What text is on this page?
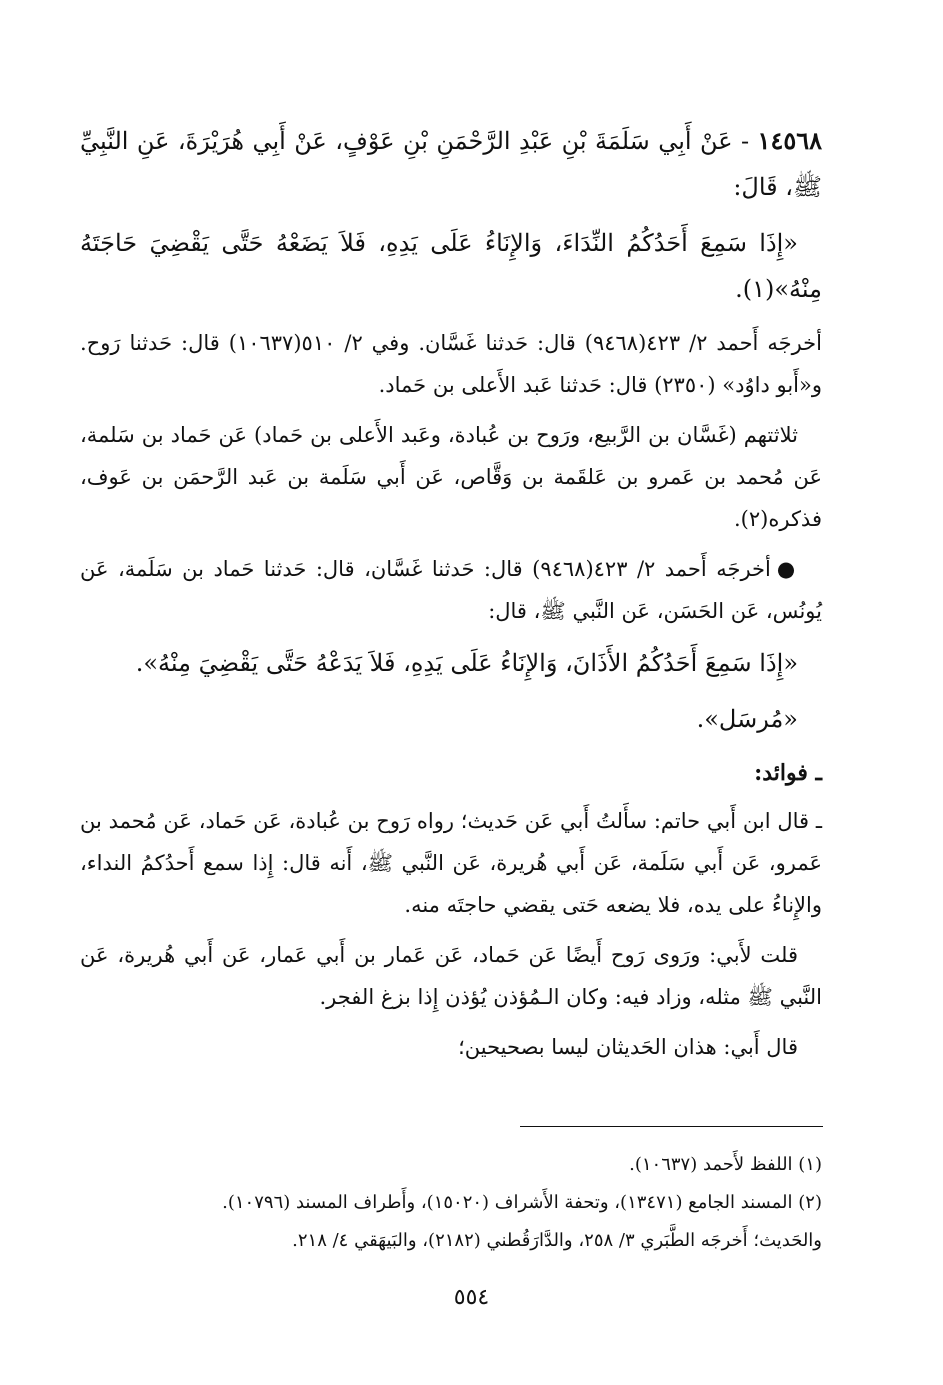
١٤٥٦٨ - عَنْ أَبِي سَلَمَةَ بْنِ عَبْدِ الرَّحْمَنِ بْنِ عَوْفٍ، عَنْ أَبِي هُرَيْرَةَ، عَنِ النَّبِيِّ ﷺ، قَالَ:

«إِذَا سَمِعَ أَحَدُكُمُ النِّدَاءَ، وَالإِنَاءُ عَلَى يَدِهِ، فَلاَ يَضَعْهُ حَتَّى يَقْضِيَ حَاجَتَهُ مِنْهُ»(١).

أخرجَه أَحمد ٢/ ٤٢٣(٩٤٦٨) قال: حَدثنا غَسَّان. وفي ٢/ ٥١٠(١٠٦٣٧) قال: حَدثنا رَوح. و«أَبو داوُد» (٢٣٥٠) قال: حَدثنا عَبد الأَعلى بن حَماد.

ثلاثتهم (غَسَّان بن الرَّبيع، ورَوح بن عُبادة، وعَبد الأَعلى بن حَماد) عَن حَماد بن سَلمة، عَن مُحمد بن عَمرو بن عَلقَمة بن وَقَّاص، عَن أَبي سَلَمة بن عَبد الرَّحمَن بن عَوف، فذكره(٢).

●أخرجَه أَحمد ٢/ ٤٢٣(٩٤٦٨) قال: حَدثنا غَسَّان، قال: حَدثنا حَماد بن سَلَمة، عَن يُونُس، عَن الحَسَن، عَن النَّبي ﷺ، قال:

«إِذَا سَمِعَ أَحَدُكُمُ الأَذَانَ، وَالإِنَاءُ عَلَى يَدِهِ، فَلاَ يَدَعْهُ حَتَّى يَقْضِيَ مِنْهُ».

«مُرسَل».

ـ فوائد:

ـ قال ابن أَبي حاتم: سأَلتُ أَبي عَن حَديث؛ رواه رَوح بن عُبادة، عَن حَماد، عَن مُحمد بن عَمرو، عَن أَبي سَلَمة، عَن أَبي هُريرة، عَن النَّبي ﷺ، أَنه قال: إِذا سمع أَحدُكمُ النداء، والإِناءُ على يده، فلا يضعه حَتى يقضي حاجتَه منه.

قلت لأَبي: ورَوى رَوح أَيضًا عَن حَماد، عَن عَمار بن أَبي عَمار، عَن أَبي هُريرة، عَن النَّبي ﷺ مثله، وزاد فيه: وكان الـمُؤذن يُؤذن إِذا بزغ الفجر.

قال أَبي: هذان الحَديثان ليسا بصحيحين؛

(١) اللفظ لأَحمد (١٠٦٣٧).
(٢) المسند الجامع (١٣٤٧١)، وتحفة الأَشراف (١٥٠٢٠)، وأَطراف المسند (١٠٧٩٦).
والحَديث؛ أَخرجَه الطَّبَري ٣/ ٢٥٨، والدَّارَقُطني (٢١٨٢)، والبَيهَقي ٤/ ٢١٨.
٥٥٤
